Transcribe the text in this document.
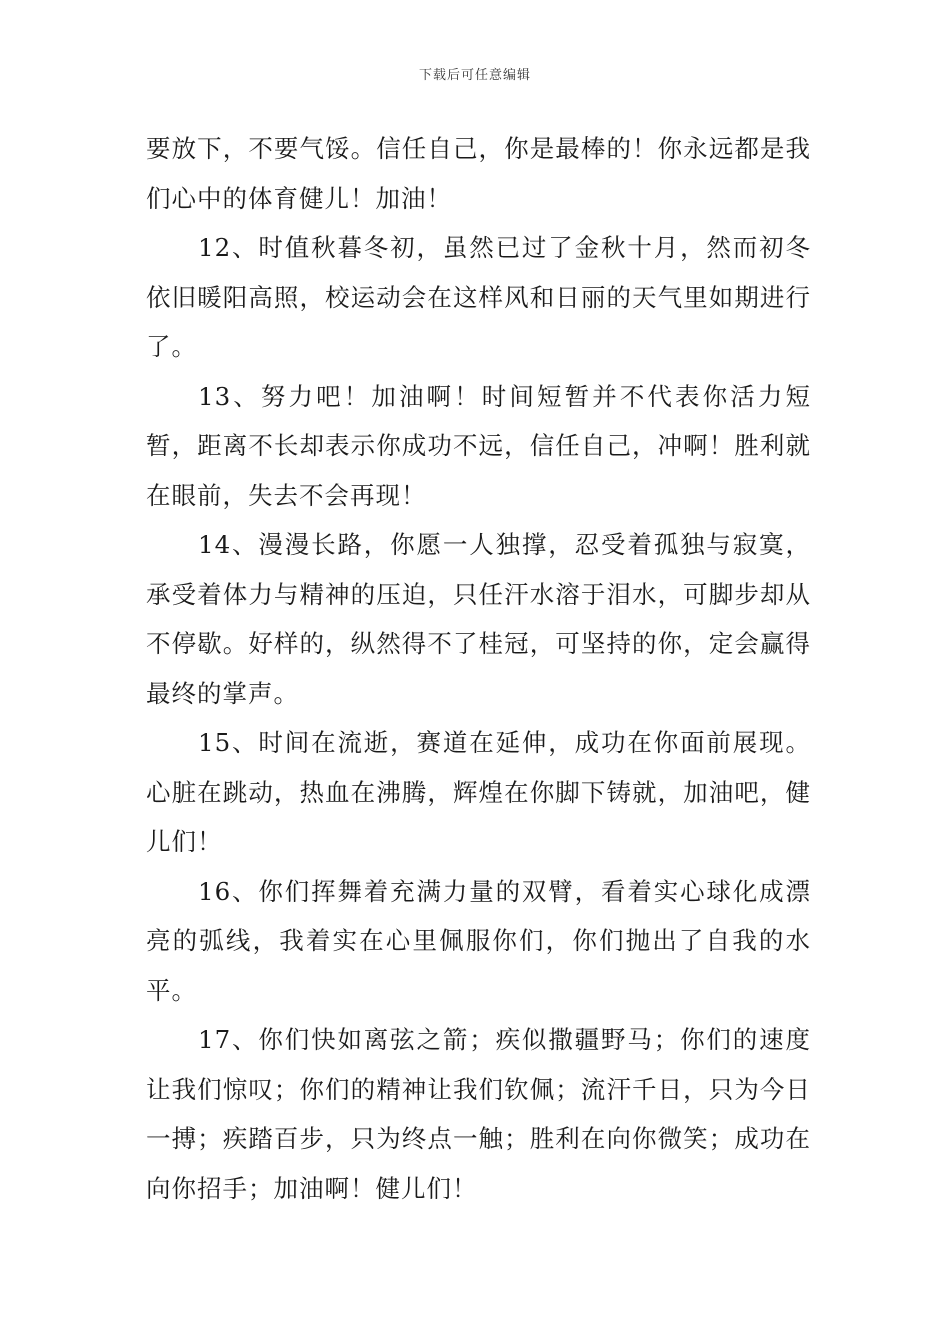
下载后可任意编辑

要放下，不要气馁。信任自己，你是最棒的！你永远都是我们心中的体育健儿！加油！

12、时值秋暮冬初，虽然已过了金秋十月，然而初冬依旧暖阳高照，校运动会在这样风和日丽的天气里如期进行了。

13、努力吧！加油啊！时间短暂并不代表你活力短暂，距离不长却表示你成功不远，信任自己，冲啊！胜利就在眼前，失去不会再现！

14、漫漫长路，你愿一人独撑，忍受着孤独与寂寞，承受着体力与精神的压迫，只任汗水溶于泪水，可脚步却从不停歇。好样的，纵然得不了桂冠，可坚持的你，定会赢得最终的掌声。

15、时间在流逝，赛道在延伸，成功在你面前展现。心脏在跳动，热血在沸腾，辉煌在你脚下铸就，加油吧，健儿们！

16、你们挥舞着充满力量的双臂，看着实心球化成漂亮的弧线，我着实在心里佩服你们，你们抛出了自我的水平。

17、你们快如离弦之箭；疾似撒疆野马；你们的速度让我们惊叹；你们的精神让我们钦佩；流汗千日，只为今日一搏；疾踏百步，只为终点一触；胜利在向你微笑；成功在向你招手；加油啊！健儿们！
